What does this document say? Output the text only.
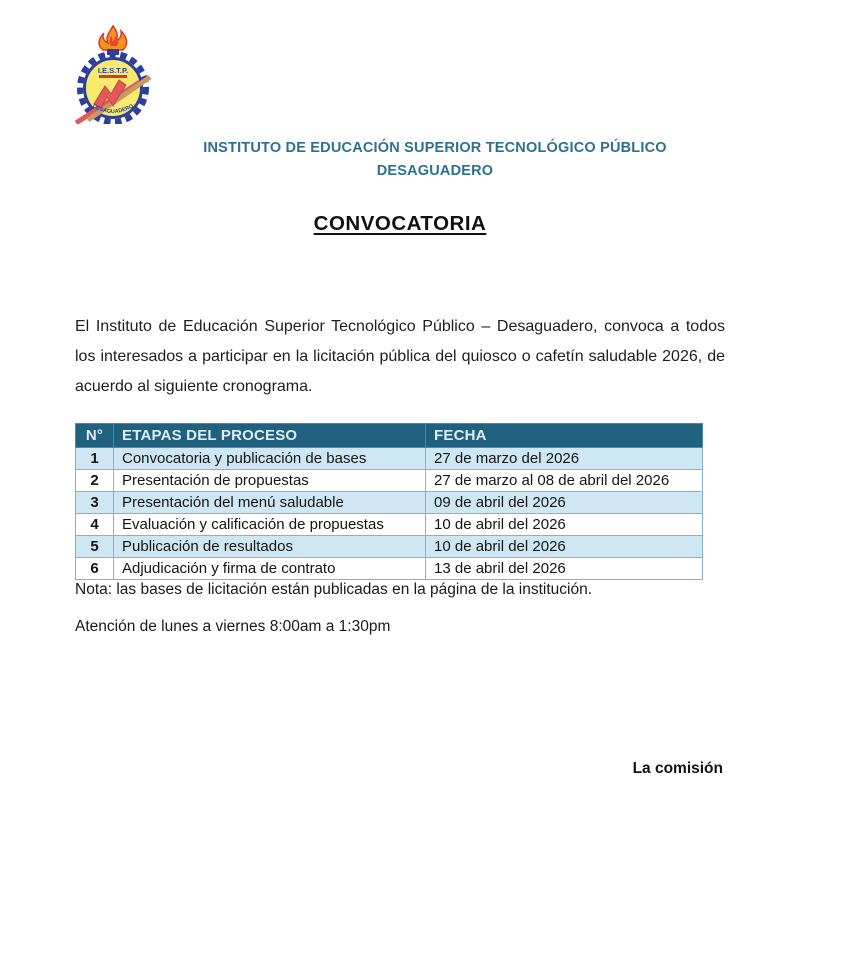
I.E.S.T.P.
DESAGUADERO
INSTITUTO DE EDUCACIÓN SUPERIOR TECNOLÓGICO PÚBLICO
DESAGUADERO
CONVOCATORIA

El Instituto de Educación Superior Tecnológico Público – Desaguadero, convoca a todos los interesados a participar en la licitación pública del quiosco o cafetín saludable 2026, de acuerdo al siguiente cronograma.

N°	ETAPAS DEL PROCESO	FECHA
1	Convocatoria y publicación de bases	27 de marzo del 2026
2	Presentación de propuestas	27 de marzo al 08 de abril del 2026
3	Presentación del menú saludable	09 de abril del 2026
4	Evaluación y calificación de propuestas	10 de abril del 2026
5	Publicación de resultados	10 de abril del 2026
6	Adjudicación y firma de contrato	13 de abril del 2026
Nota: las bases de licitación están publicadas en la página de la institución.
Atención de lunes a viernes 8:00am a 1:30pm
La comisión
